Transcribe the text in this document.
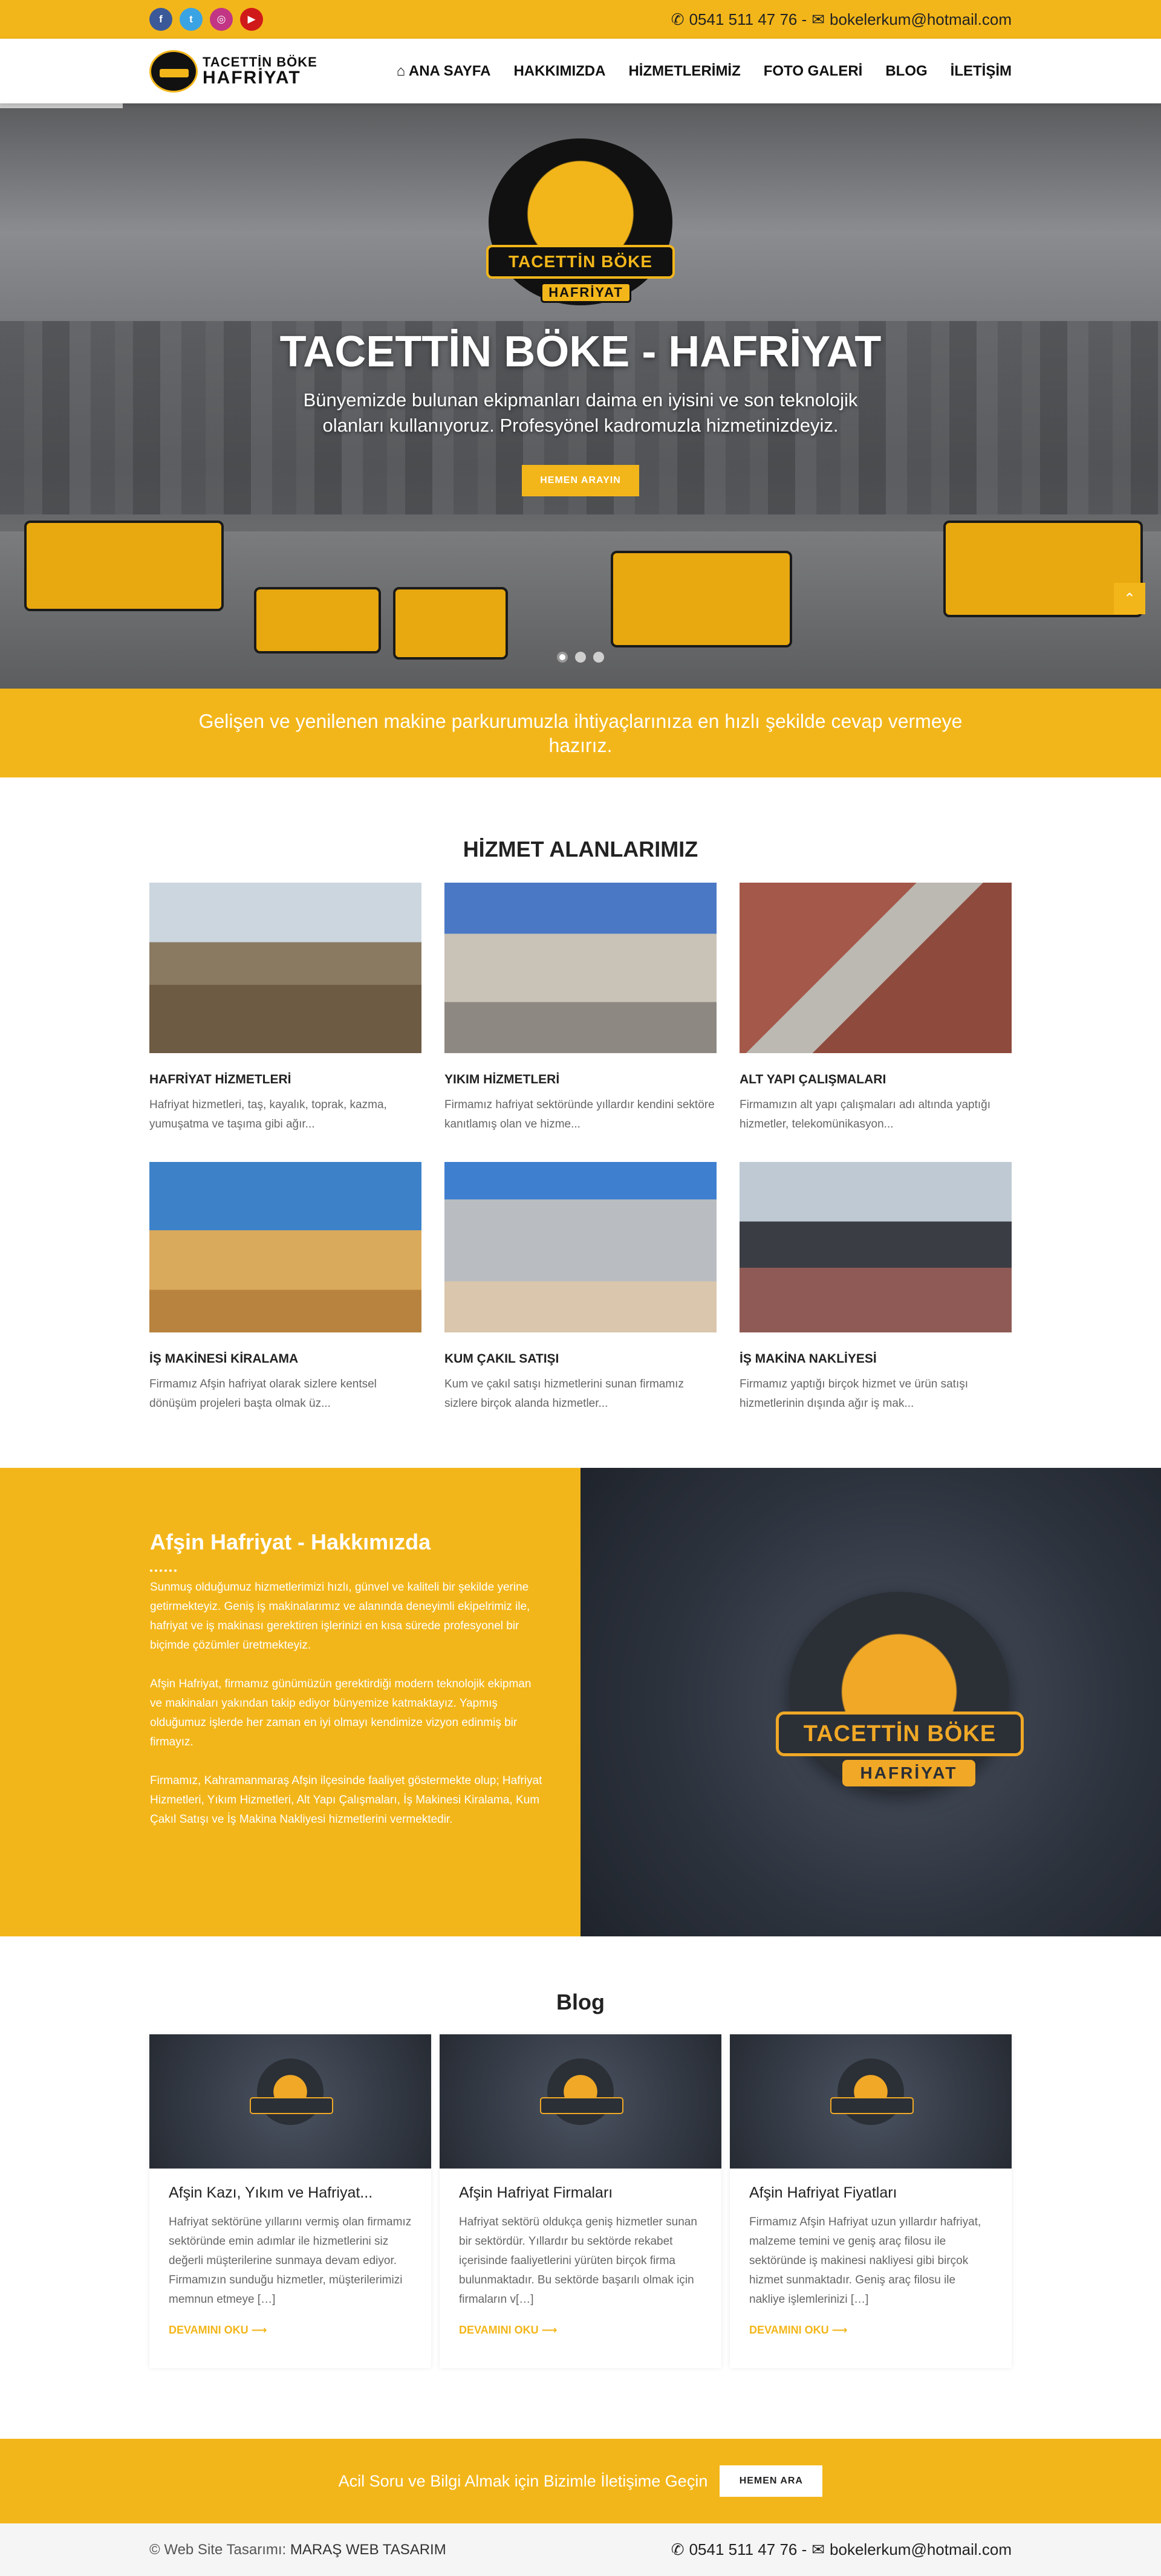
f	t	◎	▶	✆ 0541 511 47 76 - ✉ bokelerkum@hotmail.com
TACETTİN BÖKE
HAFRİYAT	⌂ ANA SAYFA HAKKIMIZDA HİZMETLERİMİZ FOTO GALERİ BLOG İLETİŞİM
TACETTİN BÖKE
HAFRİYAT
TACETTİN BÖKE - HAFRİYAT

Bünyemizde bulunan ekipmanları daima en iyisini ve son teknolojik olanları kullanıyoruz. Profesyönel kadromuzla hizmetinizdeyiz.

HEMEN ARAYIN
⌃

Gelişen ve yenilenen makine parkurumuzla ihtiyaçlarınıza en hızlı şekilde cevap vermeye hazırız.

HİZMET ALANLARIMIZ
HAFRİYAT HİZMETLERİ
Hafriyat hizmetleri, taş, kayalık, toprak, kazma, yumuşatma ve taşıma gibi ağır...
YIKIM HİZMETLERİ
Firmamız hafriyat sektöründe yıllardır kendini sektöre kanıtlamış olan ve hizme...
ALT YAPI ÇALIŞMALARI
Firmamızın alt yapı çalışmaları adı altında yaptığı hizmetler, telekomünikasyon...
İŞ MAKİNESİ KİRALAMA
Firmamız Afşin hafriyat olarak sizlere kentsel dönüşüm projeleri başta olmak üz...
KUM ÇAKIL SATIŞI
Kum ve çakıl satışı hizmetlerini sunan firmamız sizlere birçok alanda hizmetler...
İŞ MAKİNA NAKLİYESİ
Firmamız yaptığı birçok hizmet ve ürün satışı hizmetlerinin dışında ağır iş mak...
Afşin Hafriyat - Hakkımızda

Sunmuş olduğumuz hizmetlerimizi hızlı, günvel ve kaliteli bir şekilde yerine getirmekteyiz. Geniş iş makinalarımız ve alanında deneyimli ekipelrimiz ile, hafriyat ve iş makinası gerektiren işlerinizi en kısa sürede profesyonel bir biçimde çözümler üretmekteyiz.

Afşin Hafriyat, firmamız günümüzün gerektirdiği modern teknolojik ekipman ve makinaları yakından takip ediyor bünyemize katmaktayız. Yapmış olduğumuz işlerde her zaman en iyi olmayı kendimize vizyon edinmiş bir firmayız.

Firmamız, Kahramanmaraş Afşin ilçesinde faaliyet göstermekte olup; Hafriyat Hizmetleri, Yıkım Hizmetleri, Alt Yapı Çalışmaları, İş Makinesi Kiralama, Kum Çakıl Satışı ve İş Makina Nakliyesi hizmetlerini vermektedir.

TACETTİN BÖKE
HAFRİYAT
Blog
Afşin Kazı, Yıkım ve Hafriyat...
Hafriyat sektörüne yıllarını vermiş olan firmamız sektöründe emin adımlar ile hizmetlerini siz değerli müşterilerine sunmaya devam ediyor. Firmamızın sunduğu hizmetler, müşterilerimizi memnun etmeye […]
DEVAMINI OKU ⟶
Afşin Hafriyat Firmaları
Hafriyat sektörü oldukça geniş hizmetler sunan bir sektördür. Yıllardır bu sektörde rekabet içerisinde faaliyetlerini yürüten birçok firma bulunmaktadır. Bu sektörde başarılı olmak için firmaların v[…]
DEVAMINI OKU ⟶
Afşin Hafriyat Fiyatları
Firmamız Afşin Hafriyat uzun yıllardır hafriyat, malzeme temini ve geniş araç filosu ile sektöründe iş makinesi nakliyesi gibi birçok hizmet sunmaktadır. Geniş araç filosu ile nakliye işlemlerinizi […]
DEVAMINI OKU ⟶
Acil Soru ve Bilgi Almak için Bizimle İletişime Geçin	HEMEN ARA
© Web Site Tasarımı: MARAŞ WEB TASARIM	✆ 0541 511 47 76 - ✉ bokelerkum@hotmail.com
